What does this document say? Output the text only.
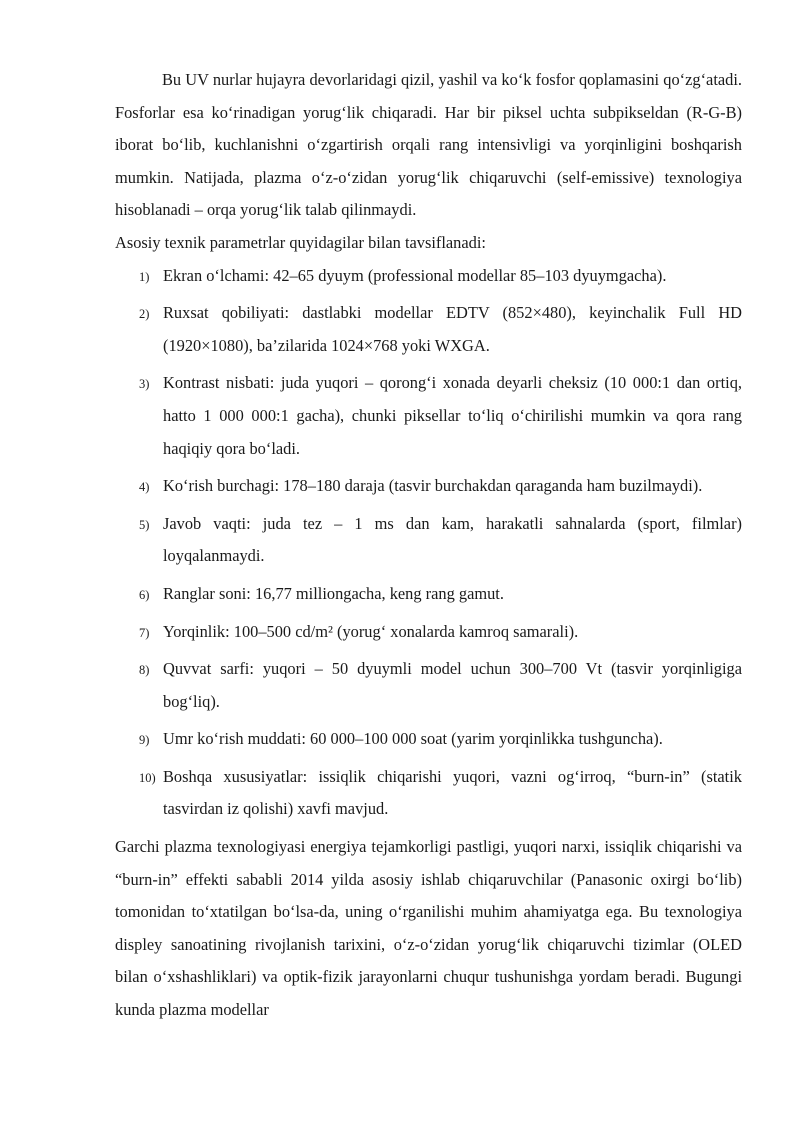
Bu UV nurlar hujayra devorlaridagi qizil, yashil va ko‘k fosfor qoplamasini qo‘zg‘atadi. Fosforlar esa ko‘rinadigan yorug‘lik chiqaradi. Har bir piksel uchta subpikseldan (R-G-B) iborat bo‘lib, kuchlanishni o‘zgartirish orqali rang intensivligi va yorqinligini boshqarish mumkin. Natijada, plazma o‘z-o‘zidan yorug‘lik chiqaruvchi (self-emissive) texnologiya hisoblanadi – orqa yorug‘lik talab qilinmaydi.

Asosiy texnik parametrlar quyidagilar bilan tavsiflanadi:

1) Ekran o‘lchami: 42–65 dyuym (professional modellar 85–103 dyuymgacha).
2) Ruxsat qobiliyati: dastlabki modellar EDTV (852×480), keyinchalik Full HD (1920×1080), ba’zilarida 1024×768 yoki WXGA.
3) Kontrast nisbati: juda yuqori – qorong‘i xonada deyarli cheksiz (10 000:1 dan ortiq, hatto 1 000 000:1 gacha), chunki piksellar to‘liq o‘chirilishi mumkin va qora rang haqiqiy qora bo‘ladi.
4) Ko‘rish burchagi: 178–180 daraja (tasvir burchakdan qaraganda ham buzilmaydi).
5) Javob vaqti: juda tez – 1 ms dan kam, harakatli sahnalarda (sport, filmlar) loyqalanmaydi.
6) Ranglar soni: 16,77 milliongacha, keng rang gamut.
7) Yorqinlik: 100–500 cd/m² (yorug‘ xonalarda kamroq samarali).
8) Quvvat sarfi: yuqori – 50 dyuymli model uchun 300–700 Vt (tasvir yorqinligiga bog‘liq).
9) Umr ko‘rish muddati: 60 000–100 000 soat (yarim yorqinlikka tushguncha).
10) Boshqa xususiyatlar: issiqlik chiqarishi yuqori, vazni og‘irroq, “burn-in” (statik tasvirdan iz qolishi) xavfi mavjud.

Garchi plazma texnologiyasi energiya tejamkorligi pastligi, yuqori narxi, issiqlik chiqarishi va “burn-in” effekti sababli 2014 yilda asosiy ishlab chiqaruvchilar (Panasonic oxirgi bo‘lib) tomonidan to‘xtatilgan bo‘lsa-da, uning o‘rganilishi muhim ahamiyatga ega. Bu texnologiya displey sanoatining rivojlanish tarixini, o‘z-o‘zidan yorug‘lik chiqaruvchi tizimlar (OLED bilan o‘xshashliklari) va optik-fizik jarayonlarni chuqur tushunishga yordam beradi. Bugungi kunda plazma modellar
